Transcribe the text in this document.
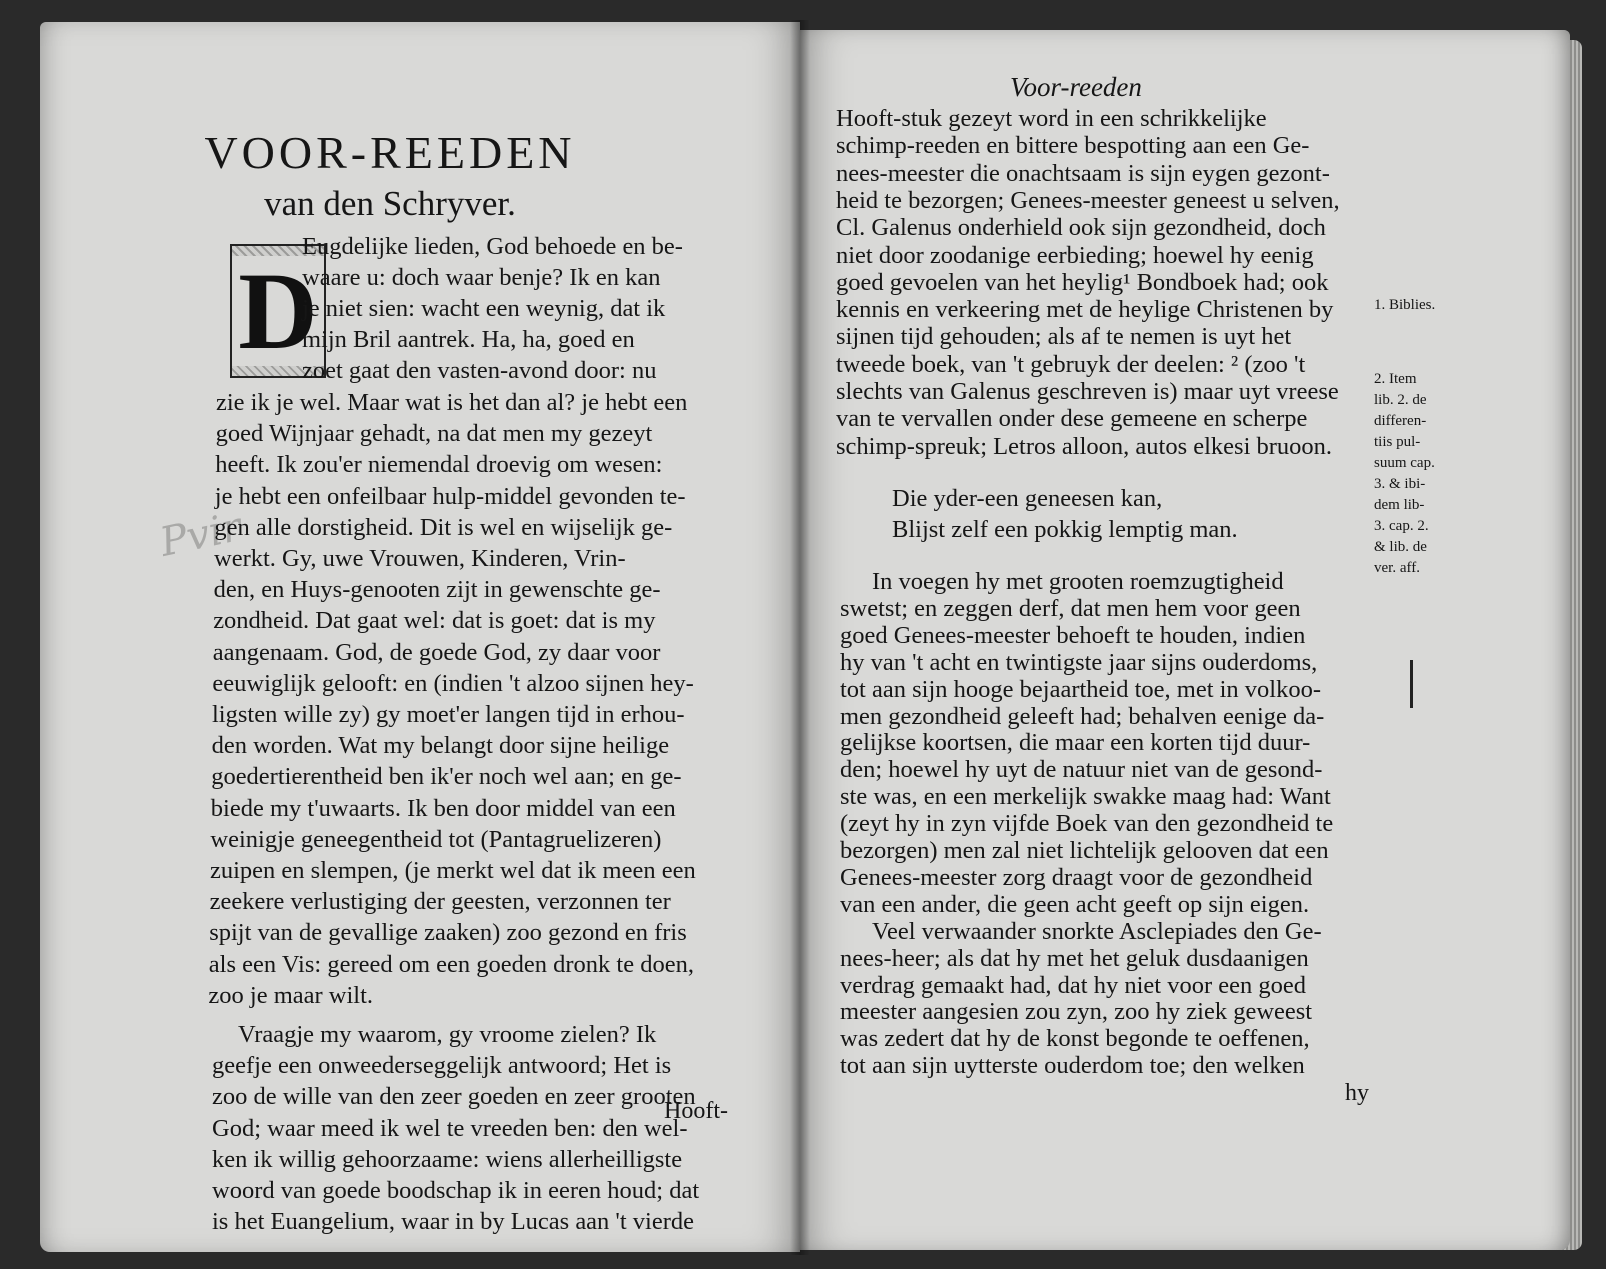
VOOR-REEDEN
van den Schryver.
D
Pvir
Eugdelijke lieden, God behoede en be-
waare u: doch waar benje? Ik en kan
je niet sien: wacht een weynig, dat ik
mijn Bril aantrek. Ha, ha, goed en
zoet gaat den vasten-avond door: nu
zie ik je wel. Maar wat is het dan al? je hebt een
goed Wijnjaar gehadt, na dat men my gezeyt
heeft. Ik zou'er niemendal droevig om wesen:
je hebt een onfeilbaar hulp-middel gevonden te-
gen alle dorstigheid. Dit is wel en wijselijk ge-
werkt. Gy, uwe Vrouwen, Kinderen, Vrin-
den, en Huys-genooten zijt in gewenschte ge-
zondheid. Dat gaat wel: dat is goet: dat is my
aangenaam. God, de goede God, zy daar voor
eeuwiglijk gelooft: en (indien 't alzoo sijnen hey-
ligsten wille zy) gy moet'er langen tijd in erhou-
den worden. Wat my belangt door sijne heilige
goedertierentheid ben ik'er noch wel aan; en ge-
biede my t'uwaarts. Ik ben door middel van een
weinigje geneegentheid tot (Pantagruelizeren)
zuipen en slempen, (je merkt wel dat ik meen een
zeekere verlustiging der geesten, verzonnen ter
spijt van de gevallige zaaken) zoo gezond en fris
als een Vis: gereed om een goeden dronk te doen,
zoo je maar wilt.
Vraagje my waarom, gy vroome zielen? Ik
geefje een onweederseggelijk antwoord; Het is
zoo de wille van den zeer goeden en zeer grooten
God; waar meed ik wel te vreeden ben: den wel-
ken ik willig gehoorzaame: wiens allerheilligste
woord van goede boodschap ik in eeren houd; dat
is het Euangelium, waar in by Lucas aan 't vierde
Hooft-
Hooft-stuk gezeyt word in een schrikkelijke
schimp-reeden en bittere bespotting aan een Ge-
nees-meester die onachtsaam is sijn eygen gezont-
heid te bezorgen; Genees-meester geneest u selven,
Cl. Galenus onderhield ook sijn gezondheid, doch
niet door zoodanige eerbieding; hoewel hy eenig
goed gevoelen van het heylig¹ Bondboek had; ook
kennis en verkeering met de heylige Christenen by
sijnen tijd gehouden; als af te nemen is uyt het
tweede boek, van 't gebruyk der deelen: ² (zoo 't
slechts van Galenus geschreven is) maar uyt vreese
van te vervallen onder dese gemeene en scherpe
schimp-spreuk; Letros alloon, autos elkesi bruoon.
Die yder-een geneesen kan,
Blijst zelf een pokkig lemptig man.
In voegen hy met grooten roemzugtigheid
swetst; en zeggen derf, dat men hem voor geen
goed Genees-meester behoeft te houden, indien
hy van 't acht en twintigste jaar sijns ouderdoms,
tot aan sijn hooge bejaartheid toe, met in volkoo-
men gezondheid geleeft had; behalven eenige da-
gelijkse koortsen, die maar een korten tijd duur-
den; hoewel hy uyt de natuur niet van de gesond-
ste was, en een merkelijk swakke maag had: Want
(zeyt hy in zyn vijfde Boek van den gezondheid te
bezorgen) men zal niet lichtelijk gelooven dat een
Genees-meester zorg draagt voor de gezondheid
van een ander, die geen acht geeft op sijn eigen.
Veel verwaander snorkte Asclepiades den Ge-
nees-heer; als dat hy met het geluk dusdaanigen
verdrag gemaakt had, dat hy niet voor een goed
meester aangesien zou zyn, zoo hy ziek geweest
was zedert dat hy de konst begonde te oeffenen,
tot aan sijn uytterste ouderdom toe; den welken
hy
Voor-reeden
1. Biblies.
2. Item
lib. 2. de
differen-
tiis pul-
suum cap.
3. & ibi-
dem lib-
3. cap. 2.
& lib. de
ver. aff.
